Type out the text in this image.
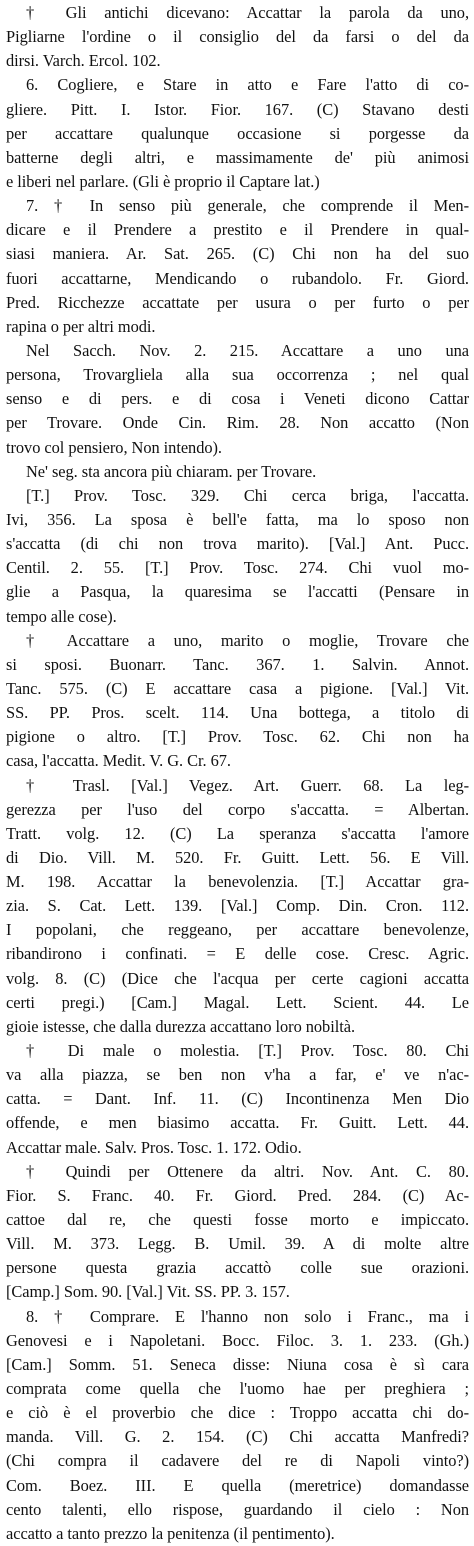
† Gli antichi dicevano: Accattar la parola da uno,
Pigliarne l'ordine o il consiglio del da farsi o del da
dirsi. Varch. Ercol. 102.
6. Cogliere, e Stare in atto e Fare l'atto di co-
gliere. Pitt. I. Istor. Fior. 167. (C) Stavano desti
per accattare qualunque occasione si porgesse da
batterne degli altri, e massimamente de' più animosi
e liberi nel parlare. (Gli è proprio il Captare lat.)
7. † In senso più generale, che comprende il Men-
dicare e il Prendere a prestito e il Prendere in qual-
siasi maniera. Ar. Sat. 265. (C) Chi non ha del suo
fuori accattarne, Mendicando o rubandolo. Fr. Giord.
Pred. Ricchezze accattate per usura o per furto o per
rapina o per altri modi.
Nel Sacch. Nov. 2. 215. Accattare a uno una
persona, Trovargliela alla sua occorrenza ; nel qual
senso e di pers. e di cosa i Veneti dicono Cattar
per Trovare. Onde Cin. Rim. 28. Non accatto (Non
trovo col pensiero, Non intendo).
Ne' seg. sta ancora più chiaram. per Trovare.
[T.] Prov. Tosc. 329. Chi cerca briga, l'accatta.
Ivi, 356. La sposa è bell'e fatta, ma lo sposo non
s'accatta (di chi non trova marito). [Val.] Ant. Pucc.
Centil. 2. 55. [T.] Prov. Tosc. 274. Chi vuol mo-
glie a Pasqua, la quaresima se l'accatti (Pensare in
tempo alle cose).
† Accattare a uno, marito o moglie, Trovare che
si sposi. Buonarr. Tanc. 367. 1. Salvin. Annot.
Tanc. 575. (C) E accattare casa a pigione. [Val.] Vit.
SS. PP. Pros. scelt. 114. Una bottega, a titolo di
pigione o altro. [T.] Prov. Tosc. 62. Chi non ha
casa, l'accatta. Medit. V. G. Cr. 67.
† Trasl. [Val.] Vegez. Art. Guerr. 68. La leg-
gerezza per l'uso del corpo s'accatta. = Albertan.
Tratt. volg. 12. (C) La speranza s'accatta l'amore
di Dio. Vill. M. 520. Fr. Guitt. Lett. 56. E Vill.
M. 198. Accattar la benevolenzia. [T.] Accattar gra-
zia. S. Cat. Lett. 139. [Val.] Comp. Din. Cron. 112.
I popolani, che reggeano, per accattare benevolenze,
ribandirono i confinati. = E delle cose. Cresc. Agric.
volg. 8. (C) (Dice che l'acqua per certe cagioni accatta
certi pregi.) [Cam.] Magal. Lett. Scient. 44. Le
gioie istesse, che dalla durezza accattano loro nobiltà.
† Di male o molestia. [T.] Prov. Tosc. 80. Chi
va alla piazza, se ben non v'ha a far, e' ve n'ac-
catta. = Dant. Inf. 11. (C) Incontinenza Men Dio
offende, e men biasimo accatta. Fr. Guitt. Lett. 44.
Accattar male. Salv. Pros. Tosc. 1. 172. Odio.
† Quindi per Ottenere da altri. Nov. Ant. C. 80.
Fior. S. Franc. 40. Fr. Giord. Pred. 284. (C) Ac-
cattoe dal re, che questi fosse morto e impiccato.
Vill. M. 373. Legg. B. Umil. 39. A di molte altre
persone questa grazia accattò colle sue orazioni.
[Camp.] Som. 90. [Val.] Vit. SS. PP. 3. 157.
8. † Comprare. E l'hanno non solo i Franc., ma i
Genovesi e i Napoletani. Bocc. Filoc. 3. 1. 233. (Gh.)
[Cam.] Somm. 51. Seneca disse: Niuna cosa è sì cara
comprata come quella che l'uomo hae per preghiera ;
e ciò è el proverbio che dice : Troppo accatta chi do-
manda. Vill. G. 2. 154. (C) Chi accatta Manfredi?
(Chi compra il cadavere del re di Napoli vinto?)
Com. Boez. III. E quella (meretrice) domandasse
cento talenti, ello rispose, guardando il cielo : Non
accatto a tanto prezzo la penitenza (il pentimento).
